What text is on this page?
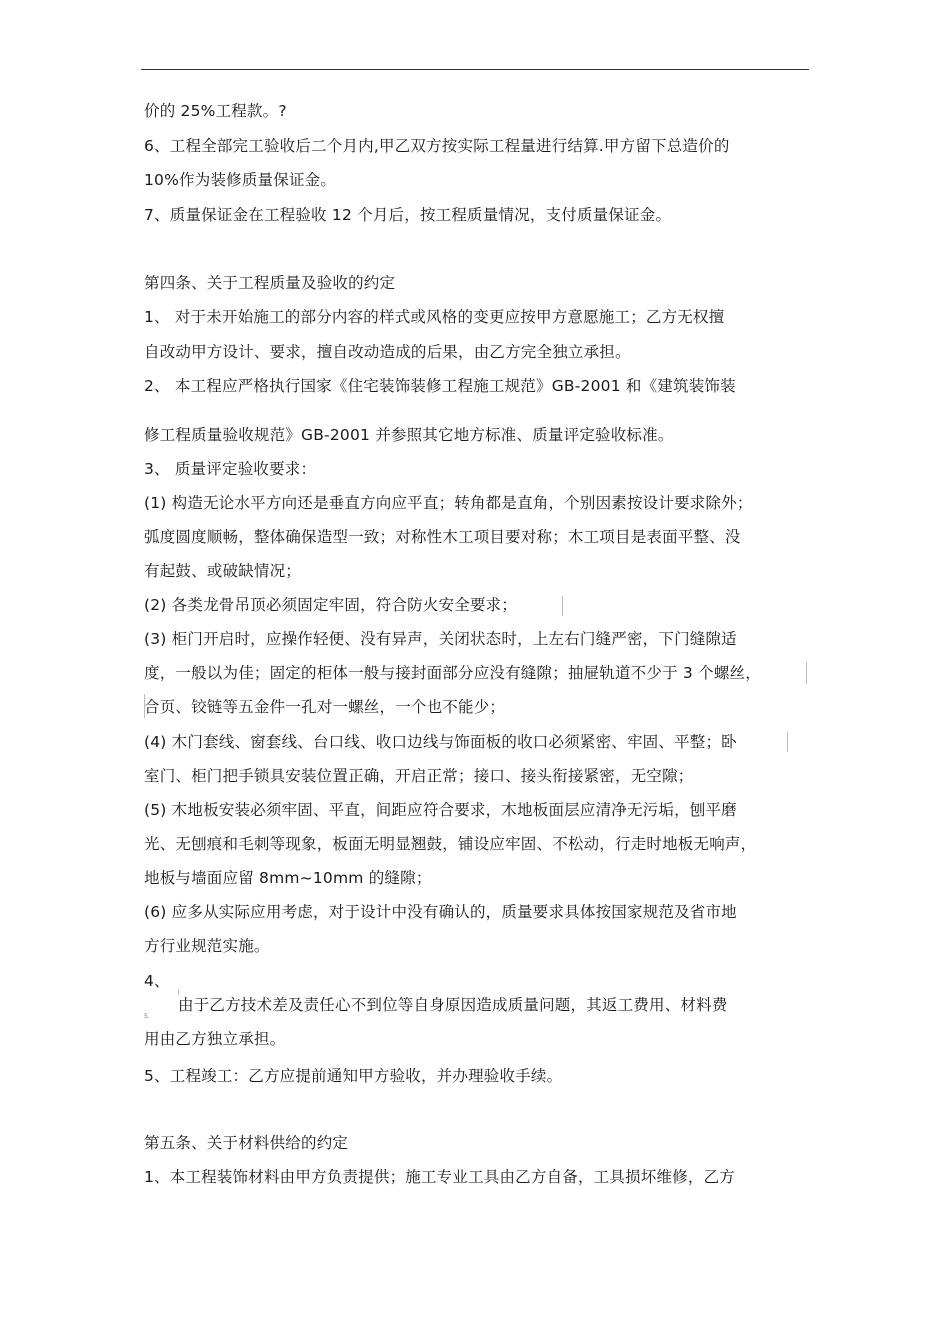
价的 25%工程款。?
6、工程全部完工验收后二个月内,甲乙双方按实际工程量进行结算.甲方留下总造价的
10%作为装修质量保证金。
7、质量保证金在工程验收 12 个月后，按工程质量情况，支付质量保证金。
第四条、关于工程质量及验收的约定
1、 对于未开始施工的部分内容的样式或风格的变更应按甲方意愿施工；乙方无权擅
自改动甲方设计、要求，擅自改动造成的后果，由乙方完全独立承担。
2、 本工程应严格执行国家《住宅装饰装修工程施工规范》GB-2001 和《建筑装饰装
修工程质量验收规范》GB-2001 并参照其它地方标准、质量评定验收标准。
3、 质量评定验收要求：
(1) 构造无论水平方向还是垂直方向应平直；转角都是直角，个别因素按设计要求除外；
弧度圆度顺畅，整体确保造型一致；对称性木工项目要对称；木工项目是表面平整、没
有起鼓、或破缺情况；
(2) 各类龙骨吊顶必须固定牢固，符合防火安全要求；
(3) 柜门开启时，应操作轻便、没有异声，关闭状态时，上左右门缝严密，下门缝隙适
度，一般以为佳；固定的柜体一般与接封面部分应没有缝隙；抽屉轨道不少于 3 个螺丝，
合页、铰链等五金件一孔对一螺丝，一个也不能少；
(4) 木门套线、窗套线、台口线、收口边线与饰面板的收口必须紧密、牢固、平整；卧
室门、柜门把手锁具安装位置正确，开启正常；接口、接头衔接紧密，无空隙；
(5) 木地板安装必须牢固、平直，间距应符合要求，木地板面层应清净无污垢，刨平磨
光、无刨痕和毛刺等现象，板面无明显翘鼓，铺设应牢固、不松动，行走时地板无响声，
地板与墙面应留 8mm~10mm 的缝隙；
(6) 应多从实际应用考虑，对于设计中没有确认的，质量要求具体按国家规范及省市地
方行业规范实施。
4、
由于乙方技术差及责任心不到位等自身原因造成质量问题，其返工费用、材料费
用由乙方独立承担。
5、工程竣工：乙方应提前通知甲方验收，并办理验收手续。
第五条、关于材料供给的约定
1、本工程装饰材料由甲方负责提供；施工专业工具由乙方自备，工具损坏维修，乙方
5.
